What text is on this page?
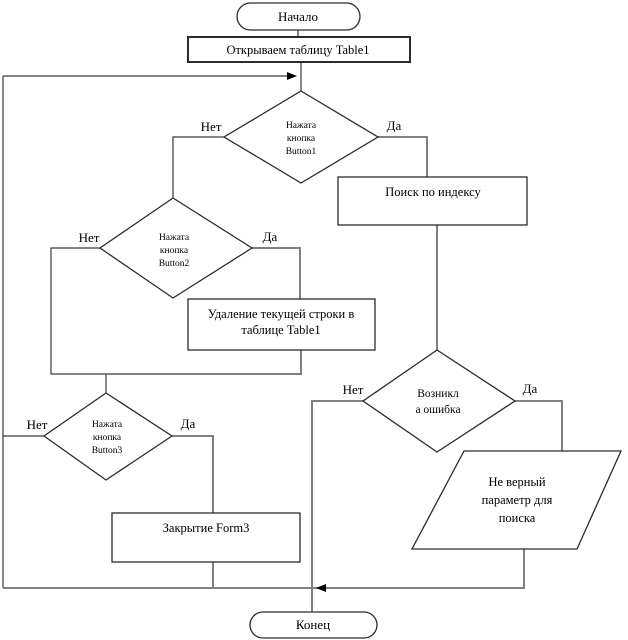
Начало
Открываем таблицу Table1
Нажата
кнопка
Button1
Нет	Да
Поиск по индексу
Нажата
кнопка
Button2
Нет	Да
Удаление текущей строки в
таблице Table1
Нажата
кнопка
Button3
Нет	Да
Возникл
а ошибка
Нет	Да
Закрытие Form3
Не верный
параметр для
поиска
Конец
